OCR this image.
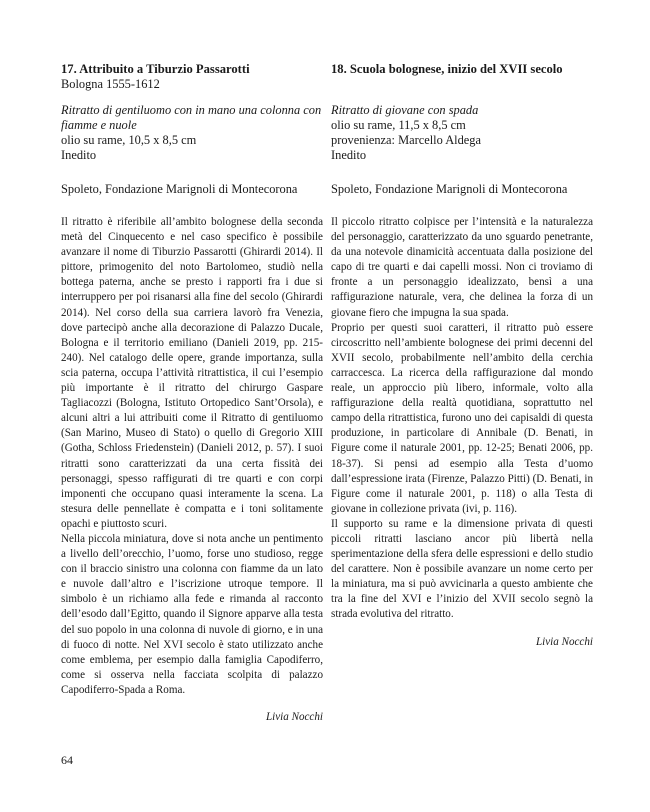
17. Attribuito a Tiburzio Passarotti

Bologna 1555-1612

Ritratto di gentiluomo con in mano una colonna con fiamme e nuole

olio su rame, 10,5 x 8,5 cm

Inedito

Spoleto, Fondazione Marignoli di Montecorona

18. Scuola bolognese, inizio del XVII secolo

Ritratto di giovane con spada

olio su rame, 11,5 x 8,5 cm

provenienza: Marcello Aldega

Inedito

Spoleto, Fondazione Marignoli di Montecorona

Il ritratto è riferibile all’ambito bolognese della seconda metà del Cinquecento e nel caso specifico è possibile avanzare il nome di Tiburzio Passarotti (Ghirardi 2014). Il pittore, primogenito del noto Bartolomeo, studiò nella bottega paterna, anche se presto i rapporti fra i due si interruppero per poi risanarsi alla fine del secolo (Ghirardi 2014). Nel corso della sua carriera lavorò fra Venezia, dove partecipò anche alla decorazione di Palazzo Ducale, Bologna e il territorio emiliano (Danieli 2019, pp. 215-240). Nel catalogo delle opere, grande importanza, sulla scia paterna, occupa l’attività ritrattistica, il cui l’esempio più importante è il ritratto del chirurgo Gaspare Tagliacozzi (Bologna, Istituto Ortopedico Sant’Orsola), e alcuni altri a lui attribuiti come il Ritratto di gentiluomo (San Marino, Museo di Stato) o quello di Gregorio XIII (Gotha, Schloss Friedenstein) (Danieli 2012, p. 57). I suoi ritratti sono caratterizzati da una certa fissità dei personaggi, spesso raffigurati di tre quarti e con corpi imponenti che occupano quasi interamente la scena. La stesura delle pennellate è compatta e i toni solitamente opachi e piuttosto scuri.

Nella piccola miniatura, dove si nota anche un pentimento a livello dell’orecchio, l’uomo, forse uno studioso, regge con il braccio sinistro una colonna con fiamme da un lato e nuvole dall’altro e l’iscrizione utroque tempore. Il simbolo è un richiamo alla fede e rimanda al racconto dell’esodo dall’Egitto, quando il Signore apparve alla testa del suo popolo in una colonna di nuvole di giorno, e in una di fuoco di notte. Nel XVI secolo è stato utilizzato anche come emblema, per esempio dalla famiglia Capodiferro, come si osserva nella facciata scolpita di palazzo Capodiferro-Spada a Roma.

Livia Nocchi

Il piccolo ritratto colpisce per l’intensità e la naturalezza del personaggio, caratterizzato da uno sguardo penetrante, da una notevole dinamicità accentuata dalla posizione del capo di tre quarti e dai capelli mossi. Non ci troviamo di fronte a un personaggio idealizzato, bensì a una raffigurazione naturale, vera, che delinea la forza di un giovane fiero che impugna la sua spada.

Proprio per questi suoi caratteri, il ritratto può essere circoscritto nell’ambiente bolognese dei primi decenni del XVII secolo, probabilmente nell’ambito della cerchia carraccesca. La ricerca della raffigurazione dal mondo reale, un approccio più libero, informale, volto alla raffigurazione della realtà quotidiana, soprattutto nel campo della ritrattistica, furono uno dei capisaldi di questa produzione, in particolare di Annibale (D. Benati, in Figure come il naturale 2001, pp. 12-25; Benati 2006, pp. 18-37). Si pensi ad esempio alla Testa d’uomo dall’espressione irata (Firenze, Palazzo Pitti) (D. Benati, in Figure come il naturale 2001, p. 118) o alla Testa di giovane in collezione privata (ivi, p. 116).

Il supporto su rame e la dimensione privata di questi piccoli ritratti lasciano ancor più libertà nella sperimentazione della sfera delle espressioni e dello studio del carattere. Non è possibile avanzare un nome certo per la miniatura, ma si può avvicinarla a questo ambiente che tra la fine del XVI e l’inizio del XVII secolo segnò la strada evolutiva del ritratto.

Livia Nocchi
64
